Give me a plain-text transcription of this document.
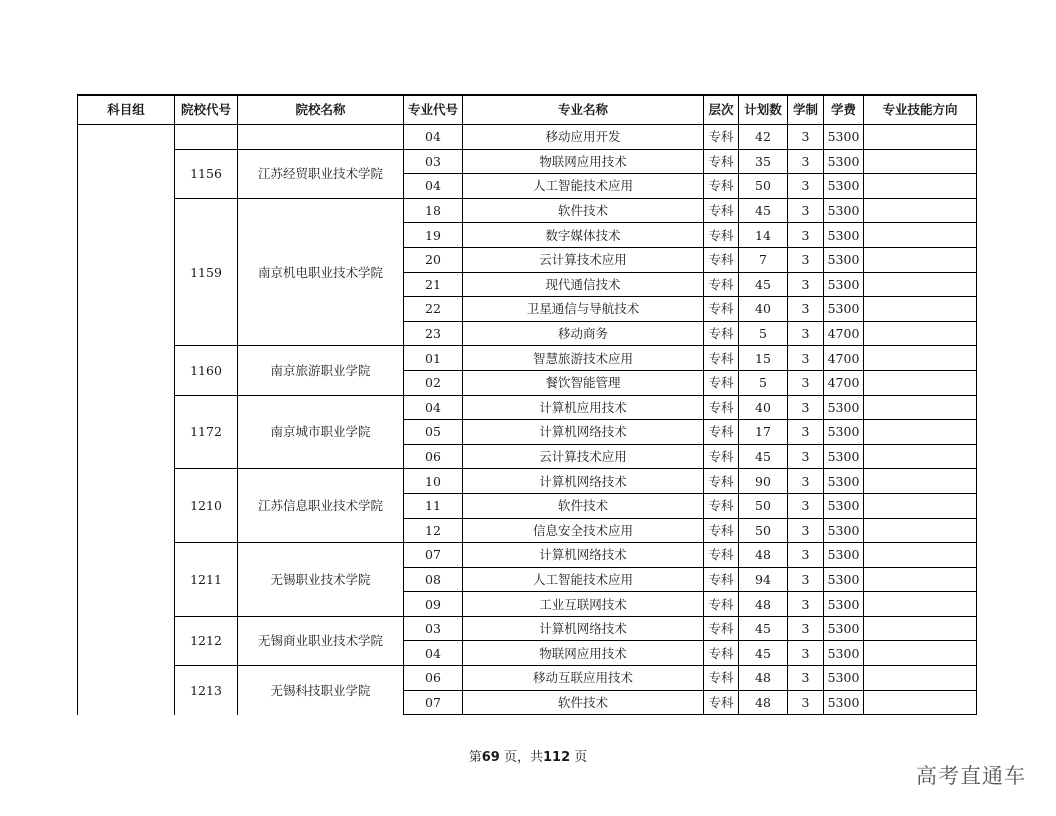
科目组	院校代号	院校名称	专业代号	专业名称	层次	计划数	学制	学费	专业技能方向
			04	移动应用开发	专科	42	3	5300	
	1156	江苏经贸职业技术学院	03	物联网应用技术	专科	35	3	5300	
			04	人工智能技术应用	专科	50	3	5300	
	1159	南京机电职业技术学院	18	软件技术	专科	45	3	5300	
			19	数字媒体技术	专科	14	3	5300	
			20	云计算技术应用	专科	7	3	5300	
			21	现代通信技术	专科	45	3	5300	
			22	卫星通信与导航技术	专科	40	3	5300	
			23	移动商务	专科	5	3	4700	
	1160	南京旅游职业学院	01	智慧旅游技术应用	专科	15	3	4700	
			02	餐饮智能管理	专科	5	3	4700	
	1172	南京城市职业学院	04	计算机应用技术	专科	40	3	5300	
			05	计算机网络技术	专科	17	3	5300	
			06	云计算技术应用	专科	45	3	5300	
	1210	江苏信息职业技术学院	10	计算机网络技术	专科	90	3	5300	
			11	软件技术	专科	50	3	5300	
			12	信息安全技术应用	专科	50	3	5300	
	1211	无锡职业技术学院	07	计算机网络技术	专科	48	3	5300	
			08	人工智能技术应用	专科	94	3	5300	
			09	工业互联网技术	专科	48	3	5300	
	1212	无锡商业职业技术学院	03	计算机网络技术	专科	45	3	5300	
			04	物联网应用技术	专科	45	3	5300	
	1213	无锡科技职业学院	06	移动互联应用技术	专科	48	3	5300	
			07	软件技术	专科	48	3	5300	
第69 页，共112 页
高考直通车
